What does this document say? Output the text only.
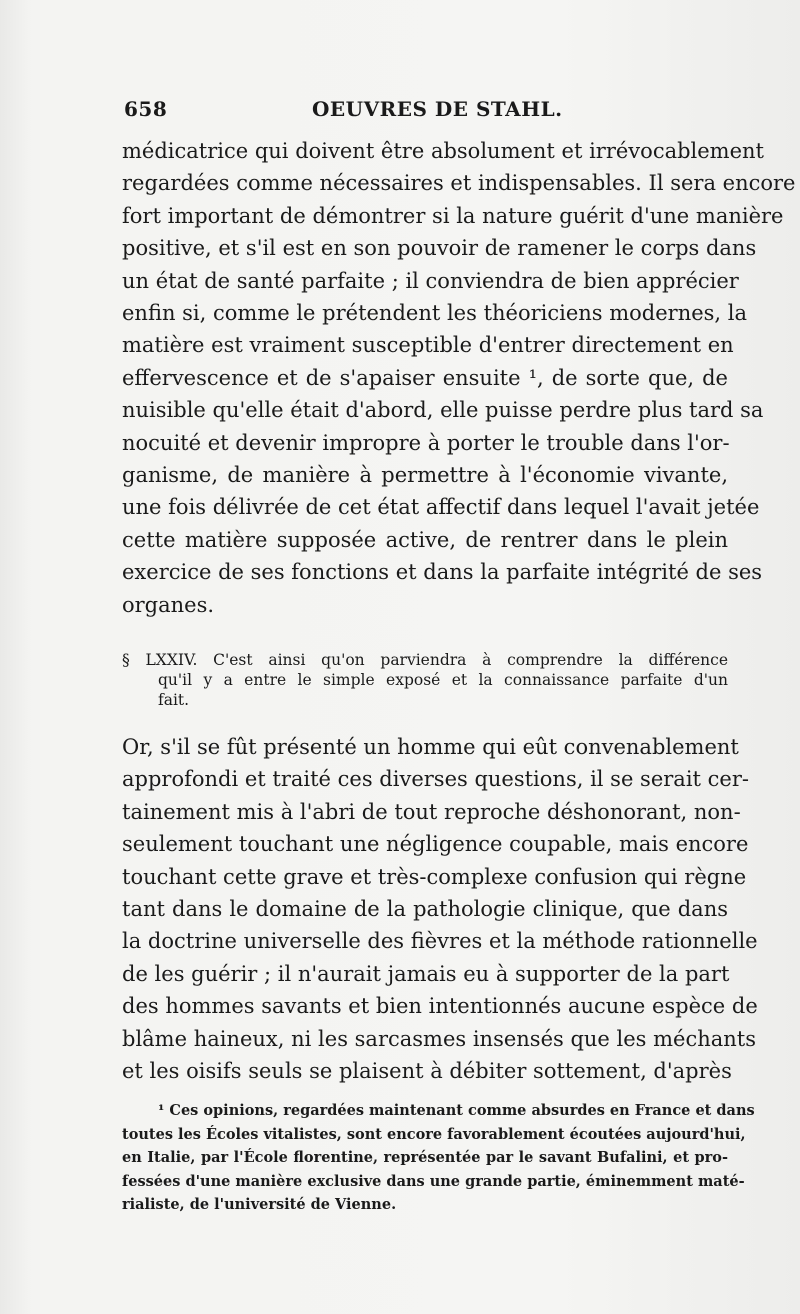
658	OEUVRES DE STAHL.
médicatrice qui doivent être absolument et irrévocablement
regardées comme nécessaires et indispensables. Il sera encore
fort important de démontrer si la nature guérit d'une manière
positive, et s'il est en son pouvoir de ramener le corps dans
un état de santé parfaite ; il conviendra de bien apprécier
enfin si, comme le prétendent les théoriciens modernes, la
matière est vraiment susceptible d'entrer directement en
effervescence et de s'apaiser ensuite ¹, de sorte que, de
nuisible qu'elle était d'abord, elle puisse perdre plus tard sa
nocuité et devenir impropre à porter le trouble dans l'or-
ganisme, de manière à permettre à l'économie vivante,
une fois délivrée de cet état affectif dans lequel l'avait jetée
cette matière supposée active, de rentrer dans le plein
exercice de ses fonctions et dans la parfaite intégrité de ses
organes.
§ LXXIV. C'est ainsi qu'on parviendra à comprendre la différence
qu'il y a entre le simple exposé et la connaissance parfaite d'un
fait.
Or, s'il se fût présenté un homme qui eût convenablement
approfondi et traité ces diverses questions, il se serait cer-
tainement mis à l'abri de tout reproche déshonorant, non-
seulement touchant une négligence coupable, mais encore
touchant cette grave et très-complexe confusion qui règne
tant dans le domaine de la pathologie clinique, que dans
la doctrine universelle des fièvres et la méthode rationnelle
de les guérir ; il n'aurait jamais eu à supporter de la part
des hommes savants et bien intentionnés aucune espèce de
blâme haineux, ni les sarcasmes insensés que les méchants
et les oisifs seuls se plaisent à débiter sottement, d'après
¹ Ces opinions, regardées maintenant comme absurdes en France et dans
toutes les Écoles vitalistes, sont encore favorablement écoutées aujourd'hui,
en Italie, par l'École florentine, représentée par le savant Bufalini, et pro-
fessées d'une manière exclusive dans une grande partie, éminemment maté-
rialiste, de l'université de Vienne.
